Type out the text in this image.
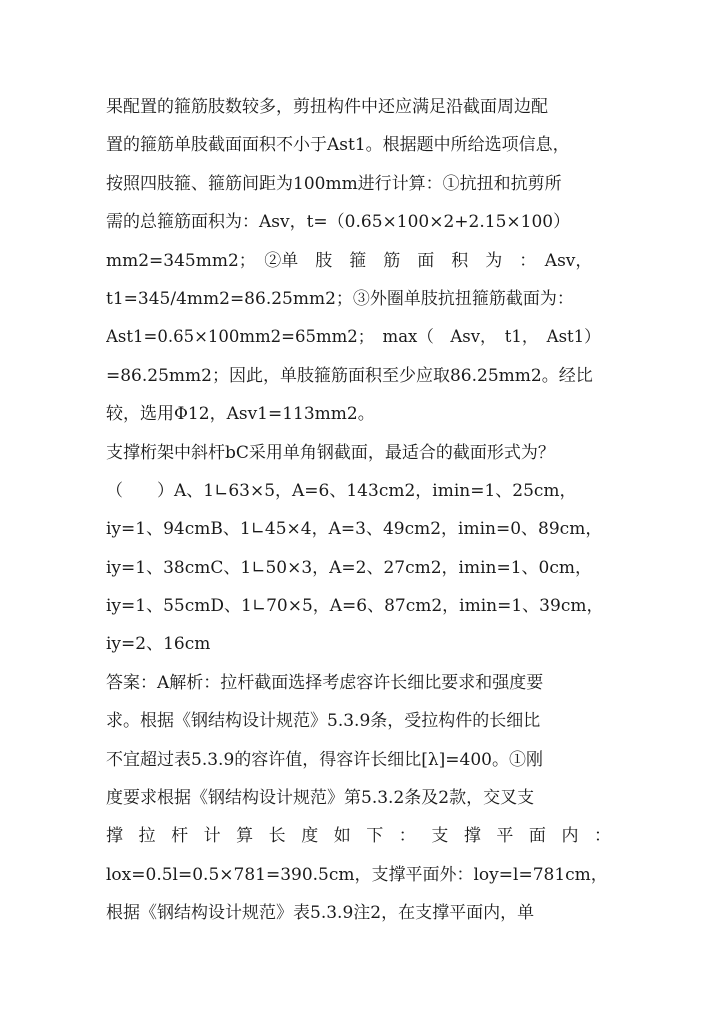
果配置的箍筋肢数较多，剪扭构件中还应满足沿截面周边配
置的箍筋单肢截面面积不小于Ast1。根据题中所给选项信息，
按照四肢箍、箍筋间距为100mm进行计算：①抗扭和抗剪所
需的总箍筋面积为：Asv，t=（0.65×100×2+2.15×100）
mm2=345mm2；　②单　肢　箍　筋　面　积　为　：　Asv，
t1=345/4mm2=86.25mm2；③外圈单肢抗扭箍筋截面为：
Ast1=0.65×100mm2=65mm2；　max（　Asv，　t1，　Ast1）
=86.25mm2；因此，单肢箍筋面积至少应取86.25mm2。经比
较，选用Φ12，Asv1=113mm2。
支撑桁架中斜杆bC采用单角钢截面，最适合的截面形式为？
（　　）A、1∟63×5，A=6、143cm2，imin=1、25cm，
iy=1、94cmB、1∟45×4，A=3、49cm2，imin=0、89cm，
iy=1、38cmC、1∟50×3，A=2、27cm2，imin=1、0cm，
iy=1、55cmD、1∟70×5，A=6、87cm2，imin=1、39cm，
iy=2、16cm
答案：A解析：拉杆截面选择考虑容许长细比要求和强度要
求。根据《钢结构设计规范》5.3.9条，受拉构件的长细比
不宜超过表5.3.9的容许值，得容许长细比[λ]=400。①刚
度要求根据《钢结构设计规范》第5.3.2条及2款，交叉支
撑拉杆计算长度如下：支撑平面内：
lox=0.5l=0.5×781=390.5cm，支撑平面外：loy=l=781cm，
根据《钢结构设计规范》表5.3.9注2，在支撑平面内，单
